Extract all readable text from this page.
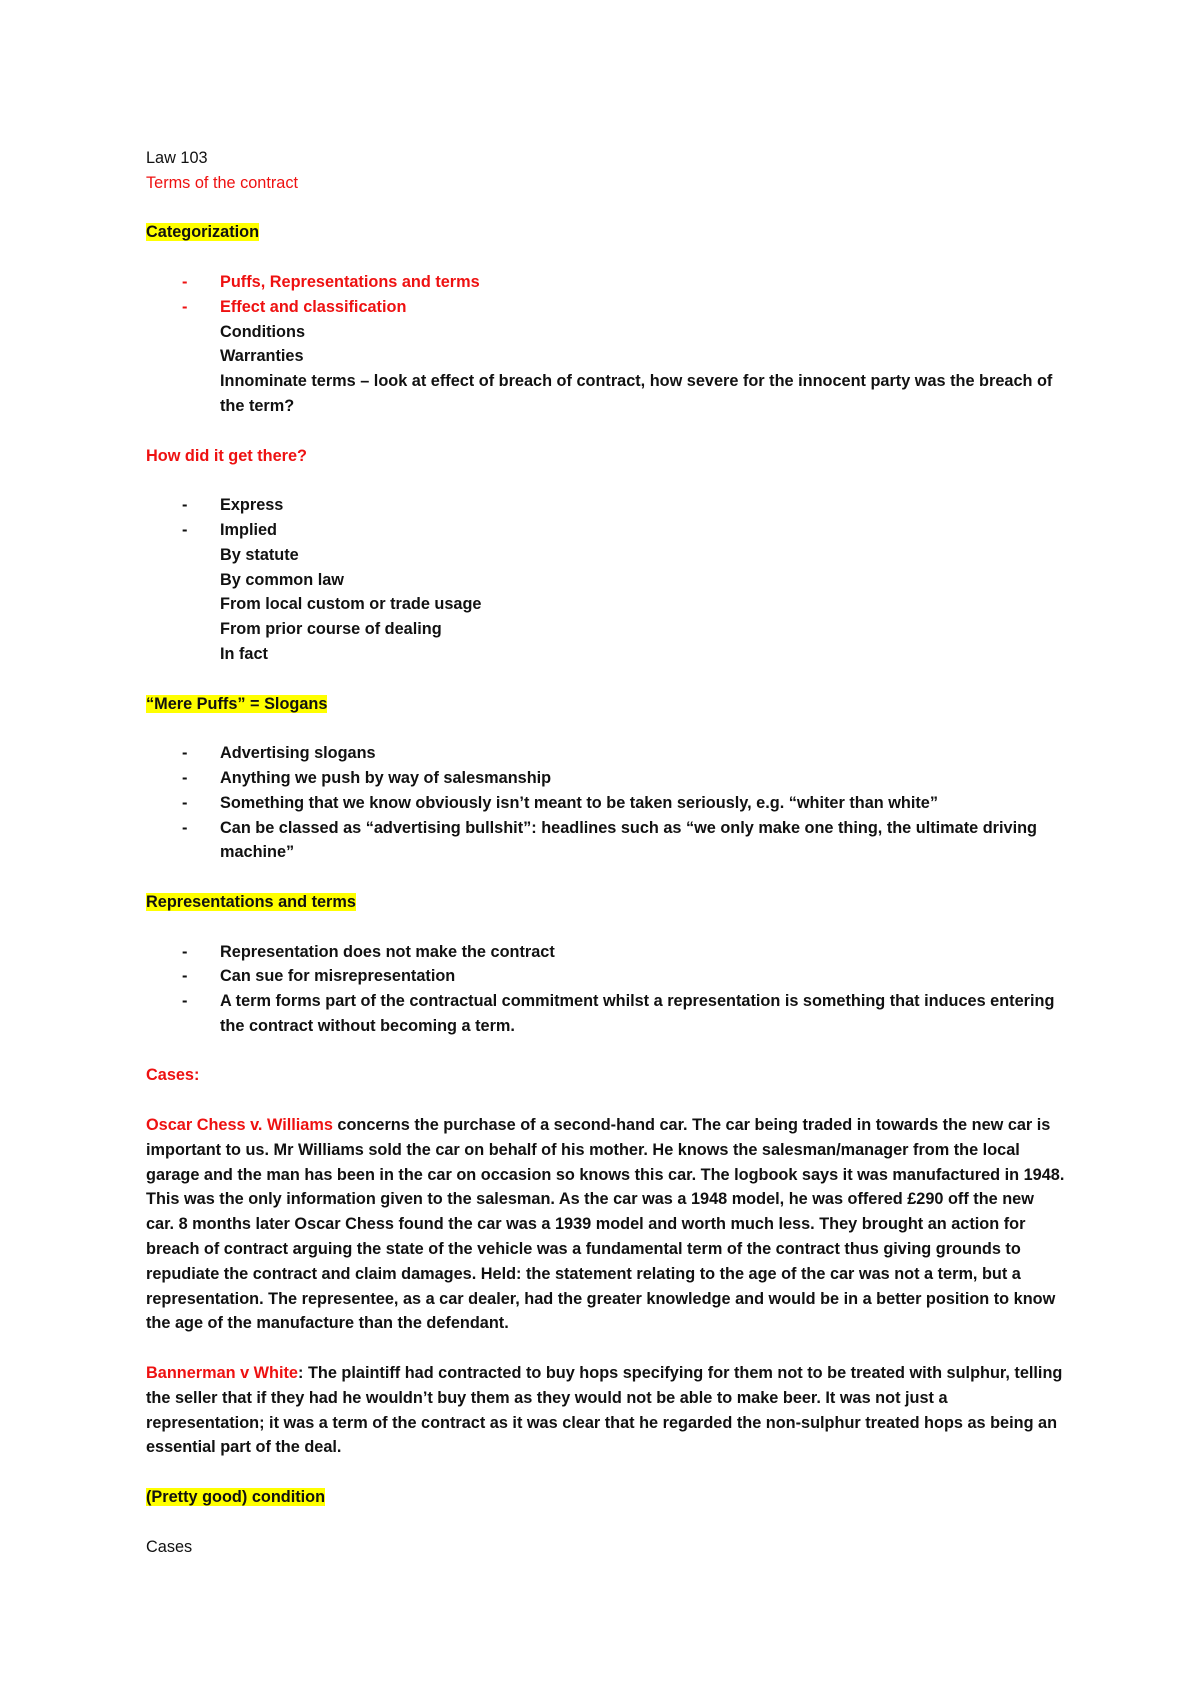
Law 103
Terms of the contract
Categorization
- Puffs, Representations and terms
- Effect and classification
Conditions
Warranties
Innominate terms – look at effect of breach of contract, how severe for the innocent party was the breach of the term?
How did it get there?
- Express
- Implied
By statute
By common law
From local custom or trade usage
From prior course of dealing
In fact
“Mere Puffs” = Slogans
- Advertising slogans
- Anything we push by way of salesmanship
- Something that we know obviously isn’t meant to be taken seriously, e.g. “whiter than white”
- Can be classed as “advertising bullshit”: headlines such as “we only make one thing, the ultimate driving machine”
Representations and terms
- Representation does not make the contract
- Can sue for misrepresentation
- A term forms part of the contractual commitment whilst a representation is something that induces entering the contract without becoming a term.
Cases:
Oscar Chess v. Williams concerns the purchase of a second-hand car. The car being traded in towards the new car is important to us. Mr Williams sold the car on behalf of his mother. He knows the salesman/manager from the local garage and the man has been in the car on occasion so knows this car. The logbook says it was manufactured in 1948. This was the only information given to the salesman. As the car was a 1948 model, he was offered £290 off the new car. 8 months later Oscar Chess found the car was a 1939 model and worth much less. They brought an action for breach of contract arguing the state of the vehicle was a fundamental term of the contract thus giving grounds to repudiate the contract and claim damages. Held: the statement relating to the age of the car was not a term, but a representation. The representee, as a car dealer, had the greater knowledge and would be in a better position to know the age of the manufacture than the defendant.
Bannerman v White: The plaintiff had contracted to buy hops specifying for them not to be treated with sulphur, telling the seller that if they had he wouldn’t buy them as they would not be able to make beer. It was not just a representation; it was a term of the contract as it was clear that he regarded the non-sulphur treated hops as being an essential part of the deal.
(Pretty good) condition
Cases
